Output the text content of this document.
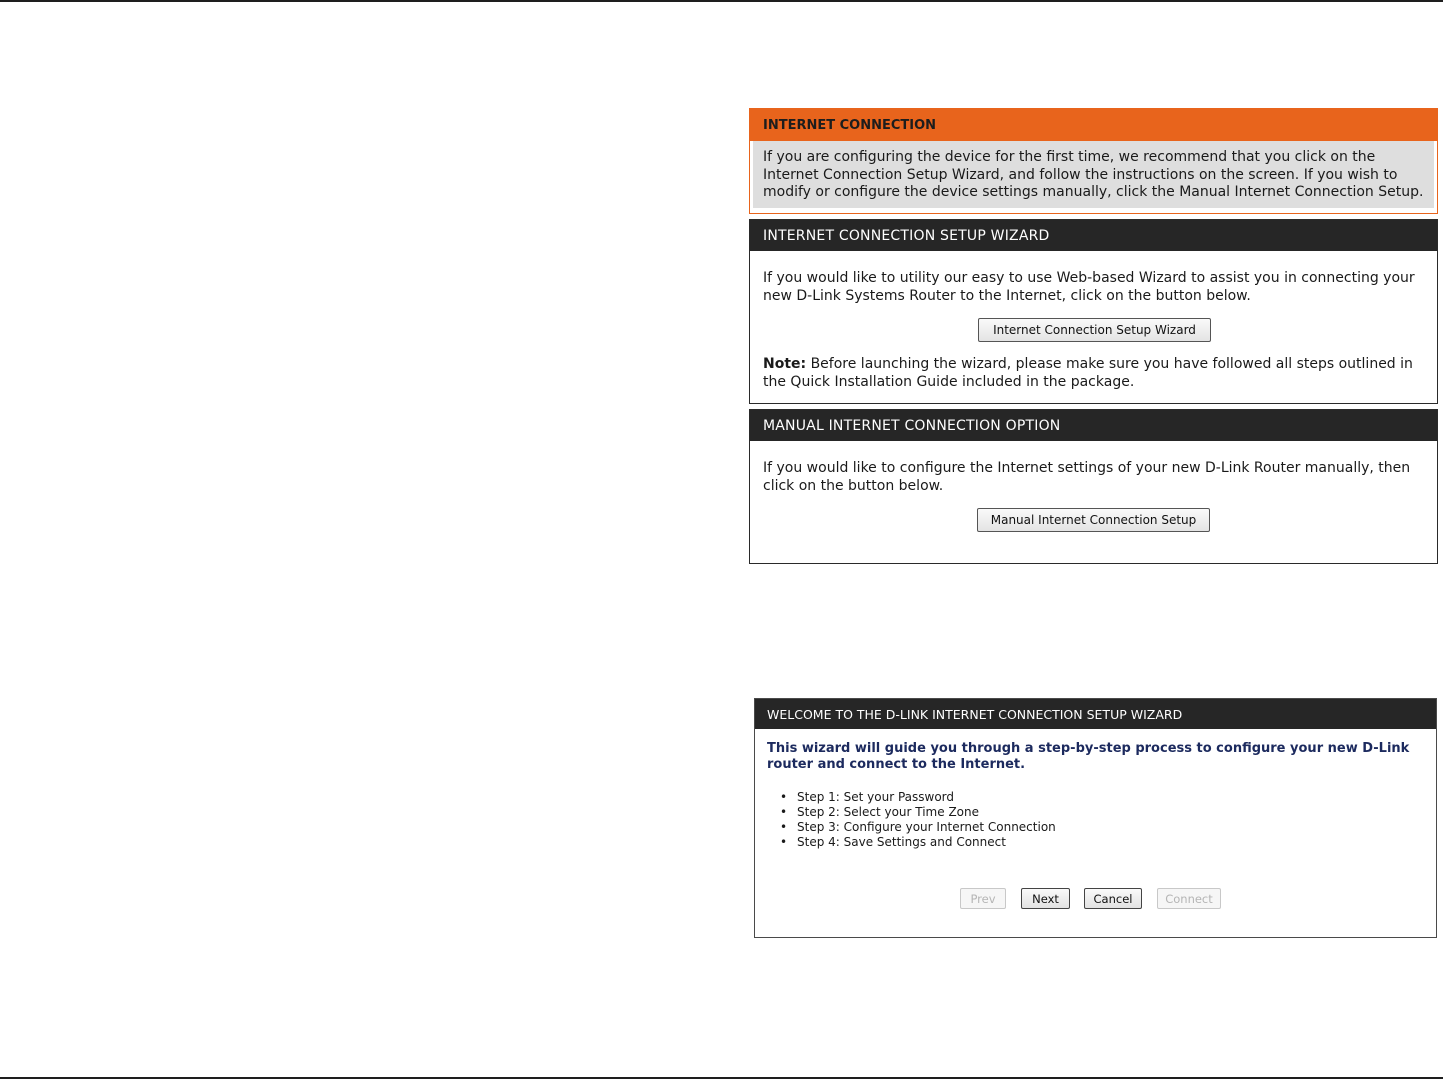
INTERNET CONNECTION
If you are configuring the device for the first time, we recommend that you click on the Internet Connection Setup Wizard, and follow the instructions on the screen. If you wish to modify or configure the device settings manually, click the Manual Internet Connection Setup.
INTERNET CONNECTION SETUP WIZARD
If you would like to utility our easy to use Web-based Wizard to assist you in connecting your new D-Link Systems Router to the Internet, click on the button below.
Internet Connection Setup Wizard
Note: Before launching the wizard, please make sure you have followed all steps outlined in the Quick Installation Guide included in the package.
MANUAL INTERNET CONNECTION OPTION
If you would like to configure the Internet settings of your new D-Link Router manually, then click on the button below.
Manual Internet Connection Setup
WELCOME TO THE D-LINK INTERNET CONNECTION SETUP WIZARD
This wizard will guide you through a step-by-step process to configure your new D-Link router and connect to the Internet.
• Step 1: Set your Password
• Step 2: Select your Time Zone
• Step 3: Configure your Internet Connection
• Step 4: Save Settings and Connect
Prev	Next	Cancel	Connect
